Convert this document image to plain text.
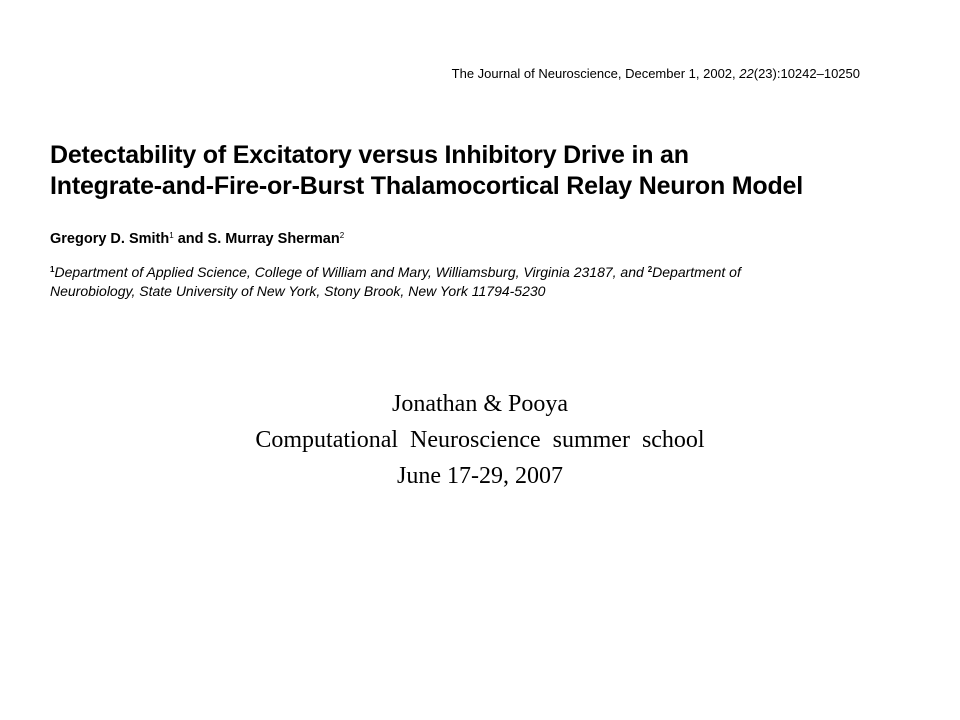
The Journal of Neuroscience, December 1, 2002, 22(23):10242–10250
Detectability of Excitatory versus Inhibitory Drive in an
Integrate-and-Fire-or-Burst Thalamocortical Relay Neuron Model
Gregory D. Smith$^1$ and S. Murray Sherman$^2$
$^1$Department of Applied Science, College of William and Mary, Williamsburg, Virginia 23187, and $^2$Department of
Neurobiology, State University of New York, Stony Brook, New York 11794-5230
Jonathan & Pooya
Computational  Neuroscience  summer  school
June 17-29, 2007
